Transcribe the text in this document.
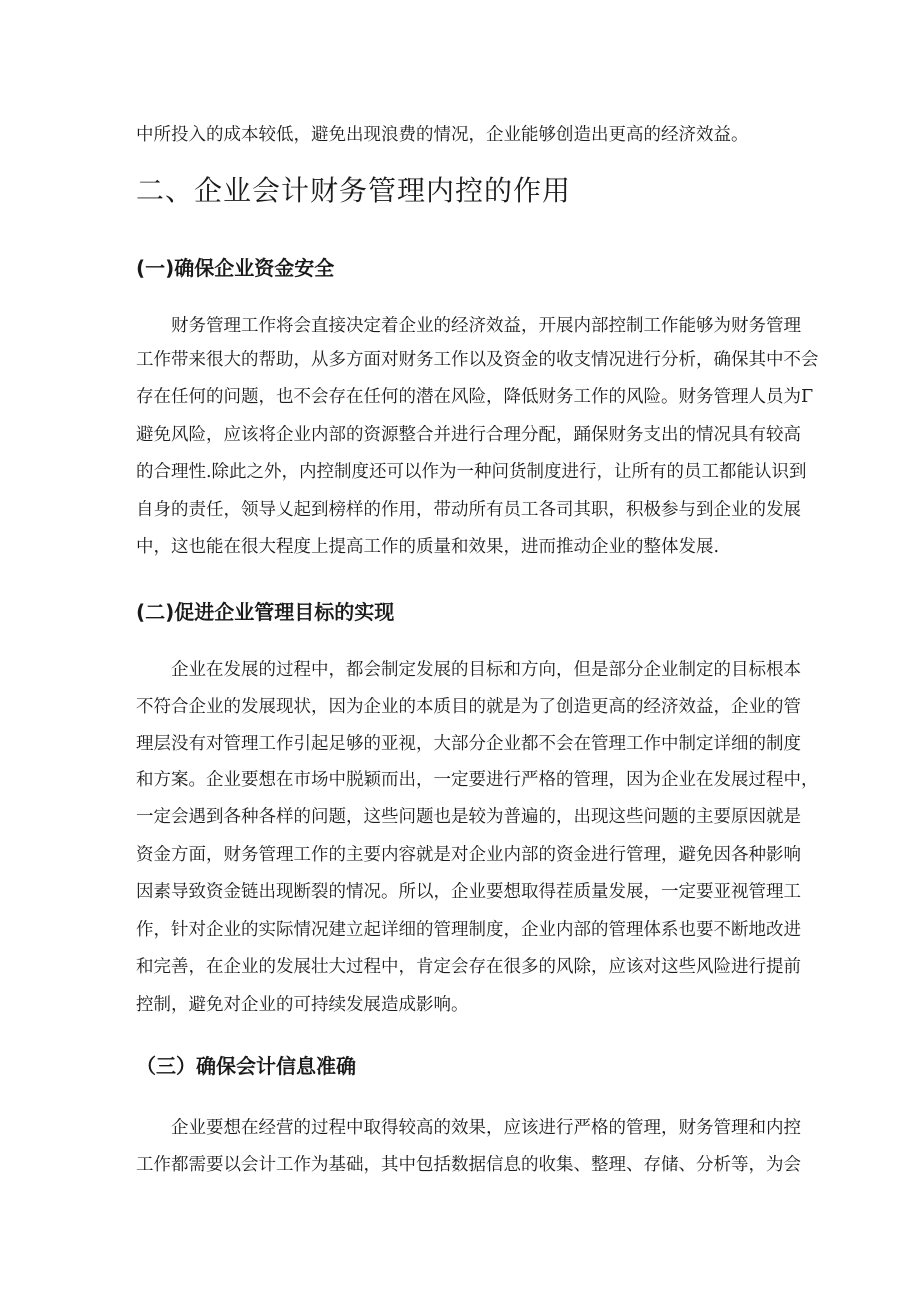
中所投入的成本较低，避免出现浪费的情况，企业能够创造出更高的经济效益。
二、企业会计财务管理内控的作用
(一)确保企业资金安全
财务管理工作将会直接决定着企业的经济效益，开展内部控制工作能够为财务管理
工作带来很大的帮助，从多方面对财务工作以及资金的收支情况进行分析，确保其中不会
存在任何的问题，也不会存在任何的潜在风险，降低财务工作的风险。财务管理人员为Γ
避免风险，应该将企业内部的资源整合并进行合理分配，踊保财务支出的情况具有较高
的合理性.除此之外，内控制度还可以作为一种问货制度进行，让所有的员工都能认识到
自身的责任，领导乂起到榜样的作用，带动所有员工各司其职，积极参与到企业的发展
中，这也能在很大程度上提高工作的质量和效果，进而推动企业的整体发展.
(二)促进企业管理目标的实现
企业在发展的过程中，都会制定发展的目标和方向，但是部分企业制定的目标根本
不符合企业的发展现状，因为企业的本质目的就是为了创造更高的经济效益，企业的管
理层没有对管理工作引起足够的亚视，大部分企业都不会在管理工作中制定详细的制度
和方案。企业要想在市场中脱颖而出，一定要进行严格的管理，因为企业在发展过程中，
一定会遇到各种各样的问题，这些问题也是较为普遍的，出现这些问题的主要原因就是
资金方面，财务管理工作的主要内容就是对企业内部的资金进行管理，避免因各种影响
因素导致资金链出现断裂的情况。所以，企业要想取得茬质量发展，一定要亚视管理工
作，针对企业的实际情况建立起详细的管理制度，企业内部的管理体系也要不断地改进
和完善，在企业的发展壮大过程中，肯定会存在很多的风除，应该对这些风险进行提前
控制，避免对企业的可持续发展造成影响。
（三）确保会计信息准确
企业要想在经营的过程中取得较高的效果，应该进行严格的管理，财务管理和内控
工作都需要以会计工作为基础，其中包括数据信息的收集、整理、存储、分析等，为会
